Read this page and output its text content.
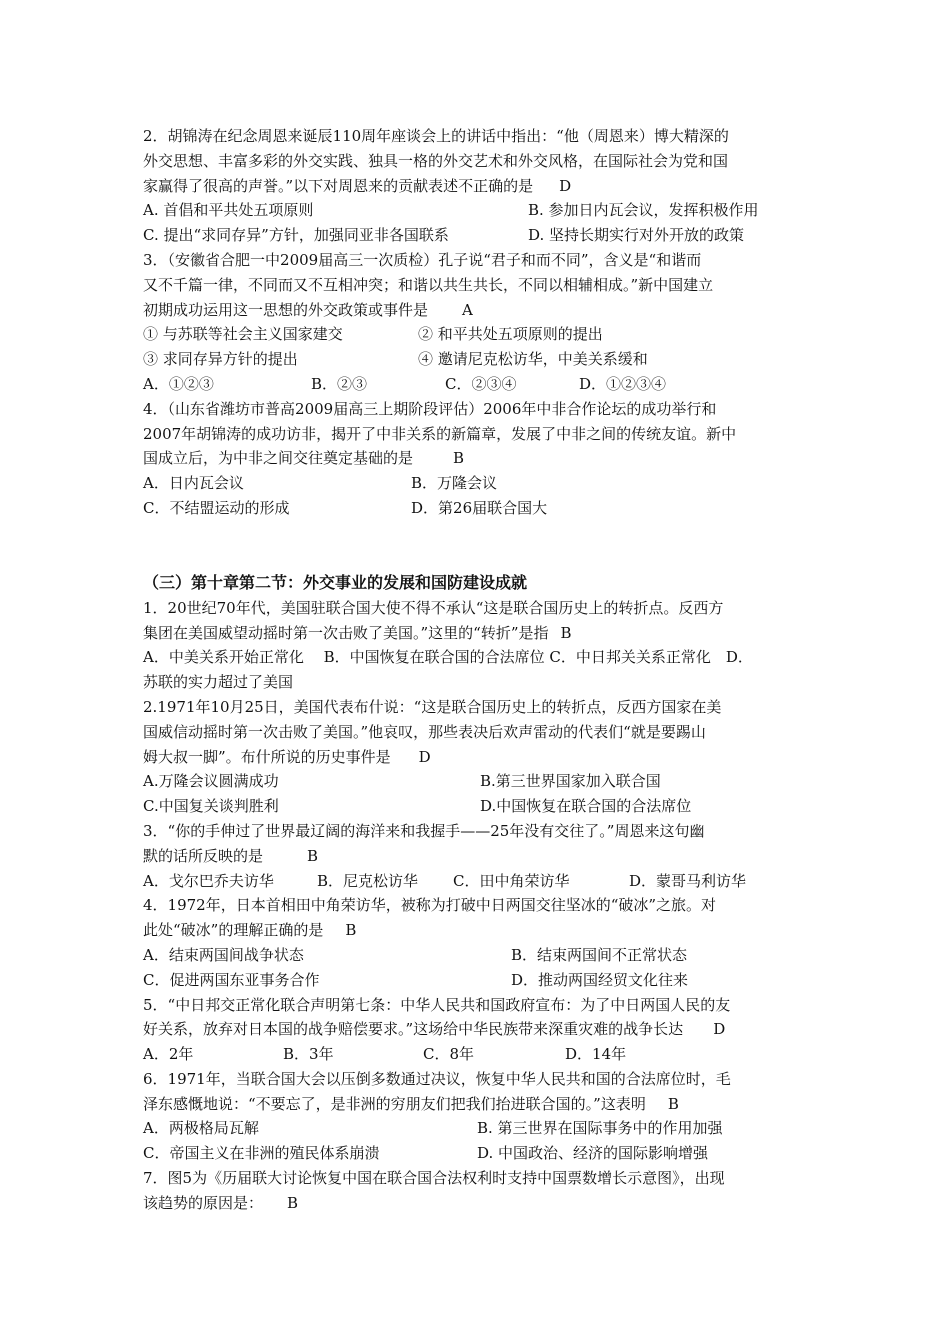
2．胡锦涛在纪念周恩来诞辰110周年座谈会上的讲话中指出：“他（周恩来）博大精深的
外交思想、丰富多彩的外交实践、独具一格的外交艺术和外交风格，在国际社会为党和国
家赢得了很高的声誉。”以下对周恩来的贡献表述不正确的是 D
A. 首倡和平共处五项原则	B. 参加日内瓦会议，发挥积极作用
C. 提出“求同存异”方针，加强同亚非各国联系	D. 坚持长期实行对外开放的政策
3．（安徽省合肥一中2009届高三一次质检）孔子说“君子和而不同”，含义是“和谐而
又不千篇一律，不同而又不互相冲突；和谐以共生共长，不同以相辅相成。”新中国建立
初期成功运用这一思想的外交政策或事件是 A
① 与苏联等社会主义国家建交	② 和平共处五项原则的提出
③ 求同存异方针的提出	④ 邀请尼克松访华，中美关系缓和
A．①②③	B．②③	C．②③④	D．①②③④
4．（山东省潍坊市普高2009届高三上期阶段评估）2006年中非合作论坛的成功举行和
2007年胡锦涛的成功访非，揭开了中非关系的新篇章，发展了中非之间的传统友谊。新中
国成立后，为中非之间交往奠定基础的是	B
A．日内瓦会议	B．万隆会议
C．不结盟运动的形成	D．第26届联合国大
（三）第十章第二节：外交事业的发展和国防建设成就
1．20世纪70年代，美国驻联合国大使不得不承认“这是联合国历史上的转折点。反西方
集团在美国威望动摇时第一次击败了美国。”这里的“转折”是指 B
A．中美关系开始正常化　 B．中国恢复在联合国的合法席位 C．中日邦关关系正常化　D．
苏联的实力超过了美国
2.1971年10月25日，美国代表布什说：“这是联合国历史上的转折点，反西方国家在美
国威信动摇时第一次击败了美国。”他哀叹，那些表决后欢声雷动的代表们“就是要踢山
姆大叔一脚”。布什所说的历史事件是 D
A.万隆会议圆满成功	B.第三世界国家加入联合国
C.中国复关谈判胜利	D.中国恢复在联合国的合法席位
3．“你的手伸过了世界最辽阔的海洋来和我握手——25年没有交往了。”周恩来这句幽
默的话所反映的是	B
A．戈尔巴乔夫访华	B．尼克松访华	C．田中角荣访华	D．蒙哥马利访华
4．1972年，日本首相田中角荣访华，被称为打破中日两国交往坚冰的“破冰”之旅。对
此处“破冰”的理解正确的是 B
A．结束两国间战争状态	B．结束两国间不正常状态
C．促进两国东亚事务合作	D．推动两国经贸文化往来
5．“中日邦交正常化联合声明第七条：中华人民共和国政府宣布：为了中日两国人民的友
好关系，放弃对日本国的战争赔偿要求。”这场给中华民族带来深重灾难的战争长达 D
A．2年	B．3年	C．8年	D．14年
6．1971年，当联合国大会以压倒多数通过决议，恢复中华人民共和国的合法席位时，毛
泽东感慨地说：“不要忘了，是非洲的穷朋友们把我们抬进联合国的。”这表明 B
A．两极格局瓦解	B. 第三世界在国际事务中的作用加强
C．帝国主义在非洲的殖民体系崩溃	D. 中国政治、经济的国际影响增强
7．图5为《历届联大讨论恢复中国在联合国合法权利时支持中国票数增长示意图》，出现
该趋势的原因是： B
